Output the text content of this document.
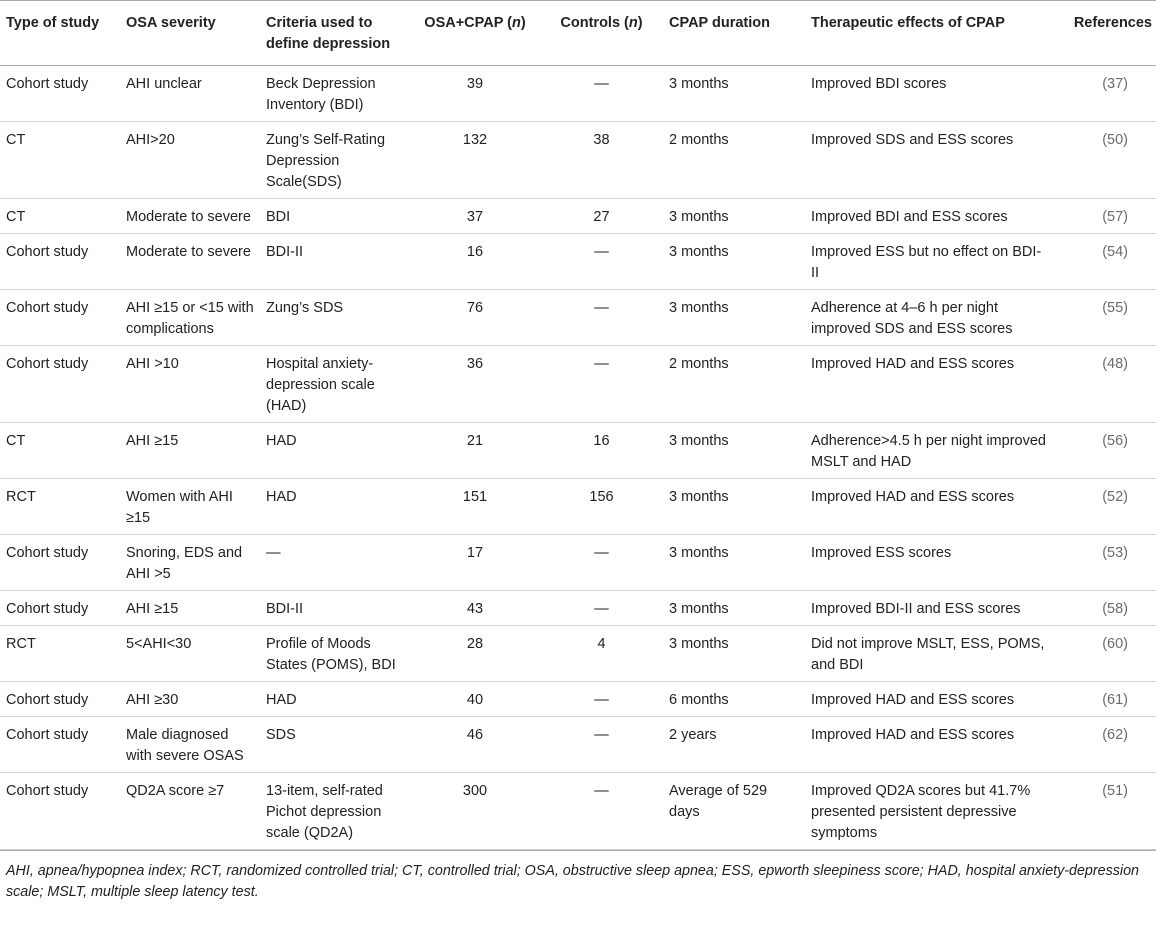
Type of study	OSA severity	Criteria used to define depression	OSA+CPAP (n)	Controls (n)	CPAP duration	Therapeutic effects of CPAP	References
Cohort study	AHI unclear	Beck Depression Inventory (BDI)	39	—	3 months	Improved BDI scores	(37)
CT	AHI>20	Zung’s Self-Rating Depression Scale(SDS)	132	38	2 months	Improved SDS and ESS scores	(50)
CT	Moderate to severe	BDI	37	27	3 months	Improved BDI and ESS scores	(57)
Cohort study	Moderate to severe	BDI-II	16	—	3 months	Improved ESS but no effect on BDI-II	(54)
Cohort study	AHI ≥15 or <15 with complications	Zung’s SDS	76	—	3 months	Adherence at 4–6 h per night improved SDS and ESS scores	(55)
Cohort study	AHI >10	Hospital anxiety-depression scale (HAD)	36	—	2 months	Improved HAD and ESS scores	(48)
CT	AHI ≥15	HAD	21	16	3 months	Adherence>4.5 h per night improved MSLT and HAD	(56)
RCT	Women with AHI ≥15	HAD	151	156	3 months	Improved HAD and ESS scores	(52)
Cohort study	Snoring, EDS and AHI >5	—	17	—	3 months	Improved ESS scores	(53)
Cohort study	AHI ≥15	BDI-II	43	—	3 months	Improved BDI-II and ESS scores	(58)
RCT	5<AHI<30	Profile of Moods States (POMS), BDI	28	4	3 months	Did not improve MSLT, ESS, POMS, and BDI	(60)
Cohort study	AHI ≥30	HAD	40	—	6 months	Improved HAD and ESS scores	(61)
Cohort study	Male diagnosed with severe OSAS	SDS	46	—	2 years	Improved HAD and ESS scores	(62)
Cohort study	QD2A score ≥7	13-item, self-rated Pichot depression scale (QD2A)	300	—	Average of 529 days	Improved QD2A scores but 41.7% presented persistent depressive symptoms	(51)

AHI, apnea/hypopnea index; RCT, randomized controlled trial; CT, controlled trial; OSA, obstructive sleep apnea; ESS, epworth sleepiness score; HAD, hospital anxiety-depression scale; MSLT, multiple sleep latency test.
